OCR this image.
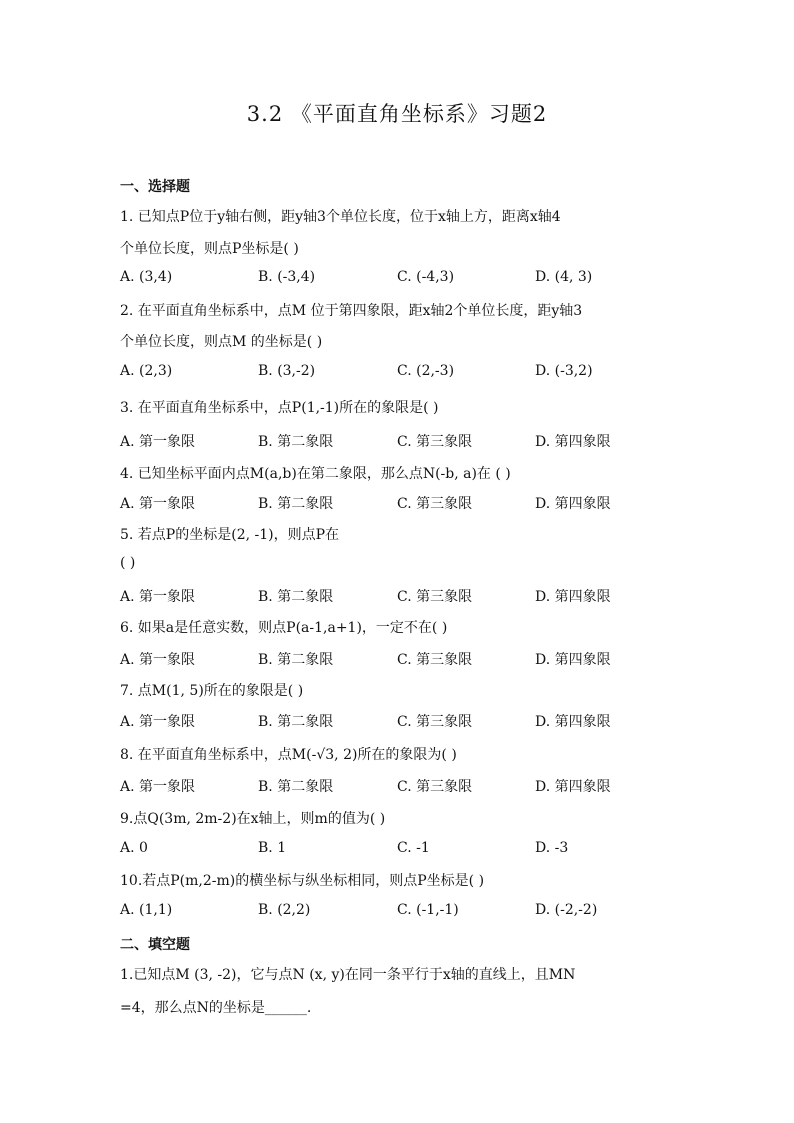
3.2 《平面直角坐标系》习题2
一、选择题
1. 已知点P位于y轴右侧，距y轴3个单位长度，位于x轴上方，距离x轴4
个单位长度，则点P坐标是( )
A. (3,4)	B. (-3,4)	C. (-4,3)	D. (4, 3)
2. 在平面直角坐标系中，点M 位于第四象限，距x轴2个单位长度，距y轴3
个单位长度，则点M 的坐标是( )
A. (2,3)	B. (3,-2)	C. (2,-3)	D. (-3,2)
3. 在平面直角坐标系中，点P(1,-1)所在的象限是( )
A. 第一象限	B. 第二象限	C. 第三象限	D. 第四象限
4. 已知坐标平面内点M(a,b)在第二象限，那么点N(-b, a)在 ( )
A. 第一象限	B. 第二象限	C. 第三象限	D. 第四象限
5. 若点P的坐标是(2, -1)，则点P在
( )
A. 第一象限	B. 第二象限	C. 第三象限	D. 第四象限
6. 如果a是任意实数，则点P(a-1,a+1)，一定不在( )
A. 第一象限	B. 第二象限	C. 第三象限	D. 第四象限
7. 点M(1, 5)所在的象限是( )
A. 第一象限	B. 第二象限	C. 第三象限	D. 第四象限
8. 在平面直角坐标系中，点M(-√3, 2)所在的象限为( )
A. 第一象限	B. 第二象限	C. 第三象限	D. 第四象限
9.点Q(3m, 2m-2)在x轴上，则m的值为( )
A. 0	B. 1	C. -1	D. -3
10.若点P(m,2-m)的横坐标与纵坐标相同，则点P坐标是( )
A. (1,1)	B. (2,2)	C. (-1,-1)	D. (-2,-2)
二、填空题
1.已知点M (3, -2)，它与点N (x, y)在同一条平行于x轴的直线上，且MN
=4，那么点N的坐标是______.
